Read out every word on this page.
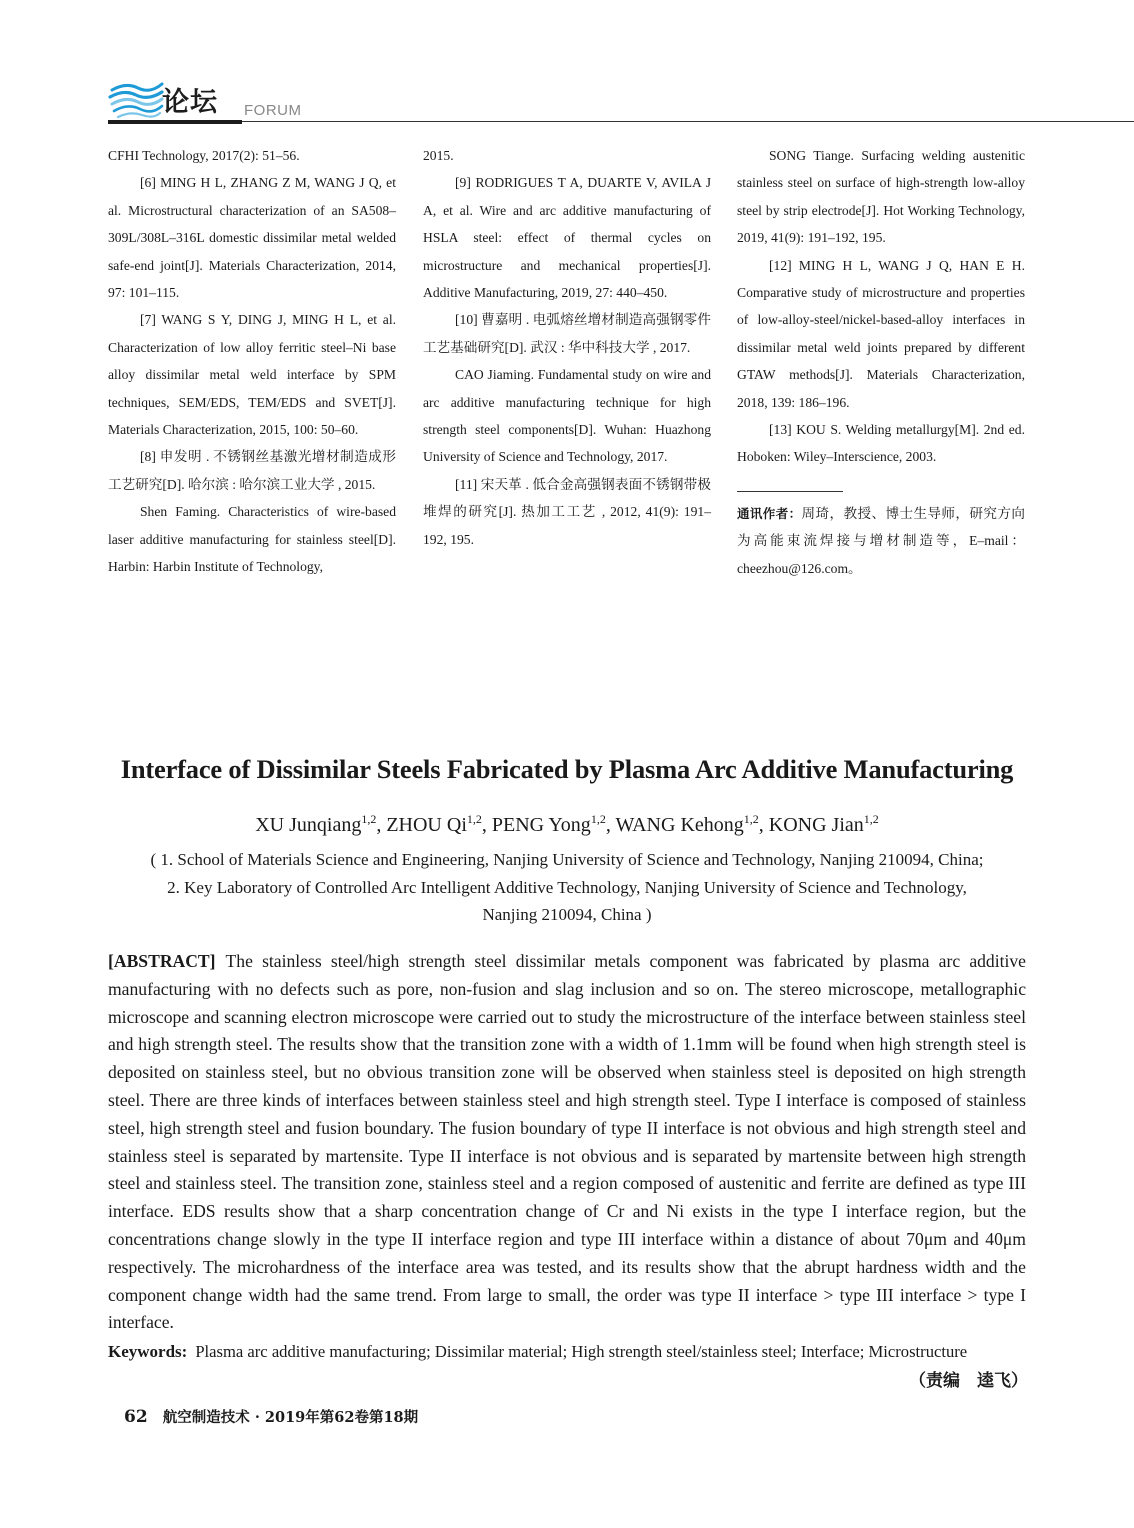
论坛 FORUM

CFHI Technology, 2017(2): 51–56.

[6] MING H L, ZHANG Z M, WANG J Q, et al. Microstructural characterization of an SA508–309L/308L–316L domestic dissimilar metal welded safe-end joint[J]. Materials Characterization, 2014, 97: 101–115.

[7] WANG S Y, DING J, MING H L, et al. Characterization of low alloy ferritic steel–Ni base alloy dissimilar metal weld interface by SPM techniques, SEM/EDS, TEM/EDS and SVET[J]. Materials Characterization, 2015, 100: 50–60.

[8] 申发明 . 不锈钢丝基激光增材制造成形工艺研究[D]. 哈尔滨 : 哈尔滨工业大学 , 2015.

Shen Faming. Characteristics of wire-based laser additive manufacturing for stainless steel[D]. Harbin: Harbin Institute of Technology,

2015.

[9] RODRIGUES T A, DUARTE V, AVILA J A, et al. Wire and arc additive manufacturing of HSLA steel: effect of thermal cycles on microstructure and mechanical properties[J]. Additive Manufacturing, 2019, 27: 440–450.

[10] 曹嘉明 . 电弧熔丝增材制造高强钢零件工艺基础研究[D]. 武汉 : 华中科技大学 , 2017.

CAO Jiaming. Fundamental study on wire and arc additive manufacturing technique for high strength steel components[D]. Wuhan: Huazhong University of Science and Technology, 2017.

[11] 宋天革 . 低合金高强钢表面不锈钢带极堆焊的研究[J]. 热加工工艺 , 2012, 41(9): 191–192, 195.

SONG Tiange. Surfacing welding austenitic stainless steel on surface of high-strength low-alloy steel by strip electrode[J]. Hot Working Technology, 2019, 41(9): 191–192, 195.

[12] MING H L, WANG J Q, HAN E H. Comparative study of microstructure and properties of low-alloy-steel/nickel-based-alloy interfaces in dissimilar metal weld joints prepared by different GTAW methods[J]. Materials Characterization, 2018, 139: 186–196.

[13] KOU S. Welding metallurgy[M]. 2nd ed. Hoboken: Wiley–Interscience, 2003.

通讯作者：周琦，教授、博士生导师，研究方向为高能束流焊接与增材制造等，E–mail：cheezhou@126.com。

Interface of Dissimilar Steels Fabricated by Plasma Arc Additive Manufacturing
XU Junqiang$^{1,2}$, ZHOU Qi$^{1,2}$, PENG Yong$^{1,2}$, WANG Kehong$^{1,2}$, KONG Jian$^{1,2}$

( 1. School of Materials Science and Engineering, Nanjing University of Science and Technology, Nanjing 210094, China;

2. Key Laboratory of Controlled Arc Intelligent Additive Technology, Nanjing University of Science and Technology,

Nanjing 210094, China )

[ABSTRACT] The stainless steel/high strength steel dissimilar metals component was fabricated by plasma arc additive manufacturing with no defects such as pore, non-fusion and slag inclusion and so on. The stereo microscope, metallographic microscope and scanning electron microscope were carried out to study the microstructure of the interface between stainless steel and high strength steel. The results show that the transition zone with a width of 1.1mm will be found when high strength steel is deposited on stainless steel, but no obvious transition zone will be observed when stainless steel is deposited on high strength steel. There are three kinds of interfaces between stainless steel and high strength steel. Type I interface is composed of stainless steel, high strength steel and fusion boundary. The fusion boundary of type II interface is not obvious and high strength steel and stainless steel is separated by martensite. Type II interface is not obvious and is separated by martensite between high strength steel and stainless steel. The transition zone, stainless steel and a region composed of austenitic and ferrite are defined as type III interface. EDS results show that a sharp concentration change of Cr and Ni exists in the type I interface region, but the concentrations change slowly in the type II interface region and type III interface within a distance of about 70μm and 40μm respectively. The microhardness of the interface area was tested, and its results show that the abrupt hardness width and the component change width had the same trend. From large to small, the order was type II interface > type III interface > type I interface.

Keywords: Plasma arc additive manufacturing; Dissimilar material; High strength steel/stainless steel; Interface; Microstructure

（责编　逵飞）
62 航空制造技术 · 2019年第62卷第18期
